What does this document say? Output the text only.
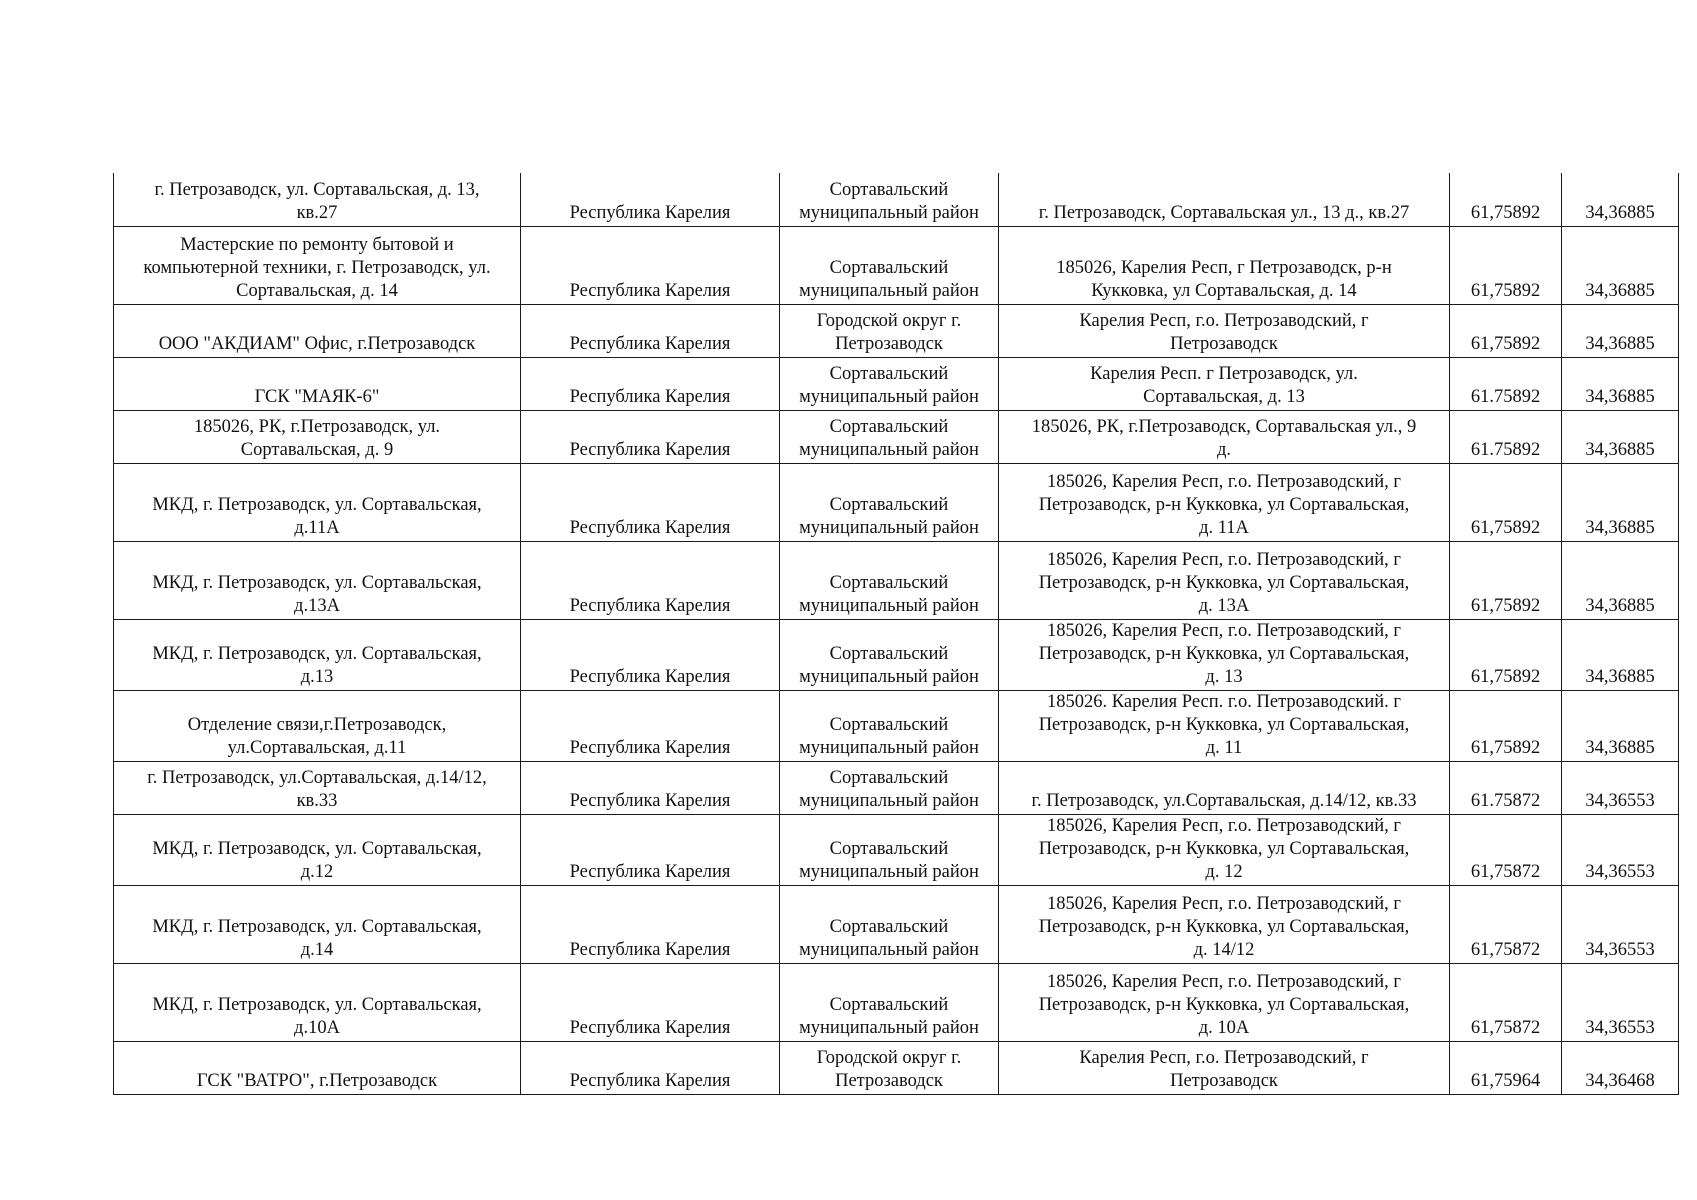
г. Петрозаводск, ул. Сортавальская, д. 13,
кв.27	Республика Карелия	Сортавальский
муниципальный район	г. Петрозаводск, Сортавальская ул., 13 д., кв.27	61,75892	34,36885
Мастерские по ремонту бытовой и
компьютерной техники, г. Петрозаводск, ул.
Сортавальская, д. 14	Республика Карелия	Сортавальский
муниципальный район	185026, Карелия Респ, г Петрозаводск, р-н
Кукковка, ул Сортавальская, д. 14	61,75892	34,36885
ООО "АКДИАМ" Офис, г.Петрозаводск	Республика Карелия	Городской округ г.
Петрозаводск	Карелия Респ, г.о. Петрозаводский, г
Петрозаводск	61,75892	34,36885
ГСК "МАЯК-6"	Республика Карелия	Сортавальский
муниципальный район	Карелия Респ. г Петрозаводск, ул.
Сортавальская, д. 13	61.75892	34,36885
185026, РК, г.Петрозаводск, ул.
Сортавальская, д. 9	Республика Карелия	Сортавальский
муниципальный район	185026, РК, г.Петрозаводск, Сортавальская ул., 9
д.	61.75892	34,36885
МКД, г. Петрозаводск, ул. Сортавальская,
д.11А	Республика Карелия	Сортавальский
муниципальный район	185026, Карелия Респ, г.о. Петрозаводский, г
Петрозаводск, р-н Кукковка, ул Сортавальская,
д. 11А	61,75892	34,36885
МКД, г. Петрозаводск, ул. Сортавальская,
д.13А	Республика Карелия	Сортавальский
муниципальный район	185026, Карелия Респ, г.о. Петрозаводский, г
Петрозаводск, р-н Кукковка, ул Сортавальская,
д. 13А	61,75892	34,36885
МКД, г. Петрозаводск, ул. Сортавальская,
д.13	Республика Карелия	Сортавальский
муниципальный район	185026, Карелия Респ, г.о. Петрозаводский, г
Петрозаводск, р-н Кукковка, ул Сортавальская,
д. 13	61,75892	34,36885
Отделение связи,г.Петрозаводск,
ул.Сортавальская, д.11	Республика Карелия	Сортавальский
муниципальный район	185026. Карелия Респ. г.о. Петрозаводский. г
Петрозаводск, р-н Кукковка, ул Сортавальская,
д. 11	61,75892	34,36885
г. Петрозаводск, ул.Сортавальская, д.14/12,
кв.33	Республика Карелия	Сортавальский
муниципальный район	г. Петрозаводск, ул.Сортавальская, д.14/12, кв.33	61.75872	34,36553
МКД, г. Петрозаводск, ул. Сортавальская,
д.12	Республика Карелия	Сортавальский
муниципальный район	185026, Карелия Респ, г.о. Петрозаводский, г
Петрозаводск, р-н Кукковка, ул Сортавальская,
д. 12	61,75872	34,36553
МКД, г. Петрозаводск, ул. Сортавальская,
д.14	Республика Карелия	Сортавальский
муниципальный район	185026, Карелия Респ, г.о. Петрозаводский, г
Петрозаводск, р-н Кукковка, ул Сортавальская,
д. 14/12	61,75872	34,36553
МКД, г. Петрозаводск, ул. Сортавальская,
д.10А	Республика Карелия	Сортавальский
муниципальный район	185026, Карелия Респ, г.о. Петрозаводский, г
Петрозаводск, р-н Кукковка, ул Сортавальская,
д. 10А	61,75872	34,36553
ГСК "ВАТРО", г.Петрозаводск	Республика Карелия	Городской округ г.
Петрозаводск	Карелия Респ, г.о. Петрозаводский, г
Петрозаводск	61,75964	34,36468
